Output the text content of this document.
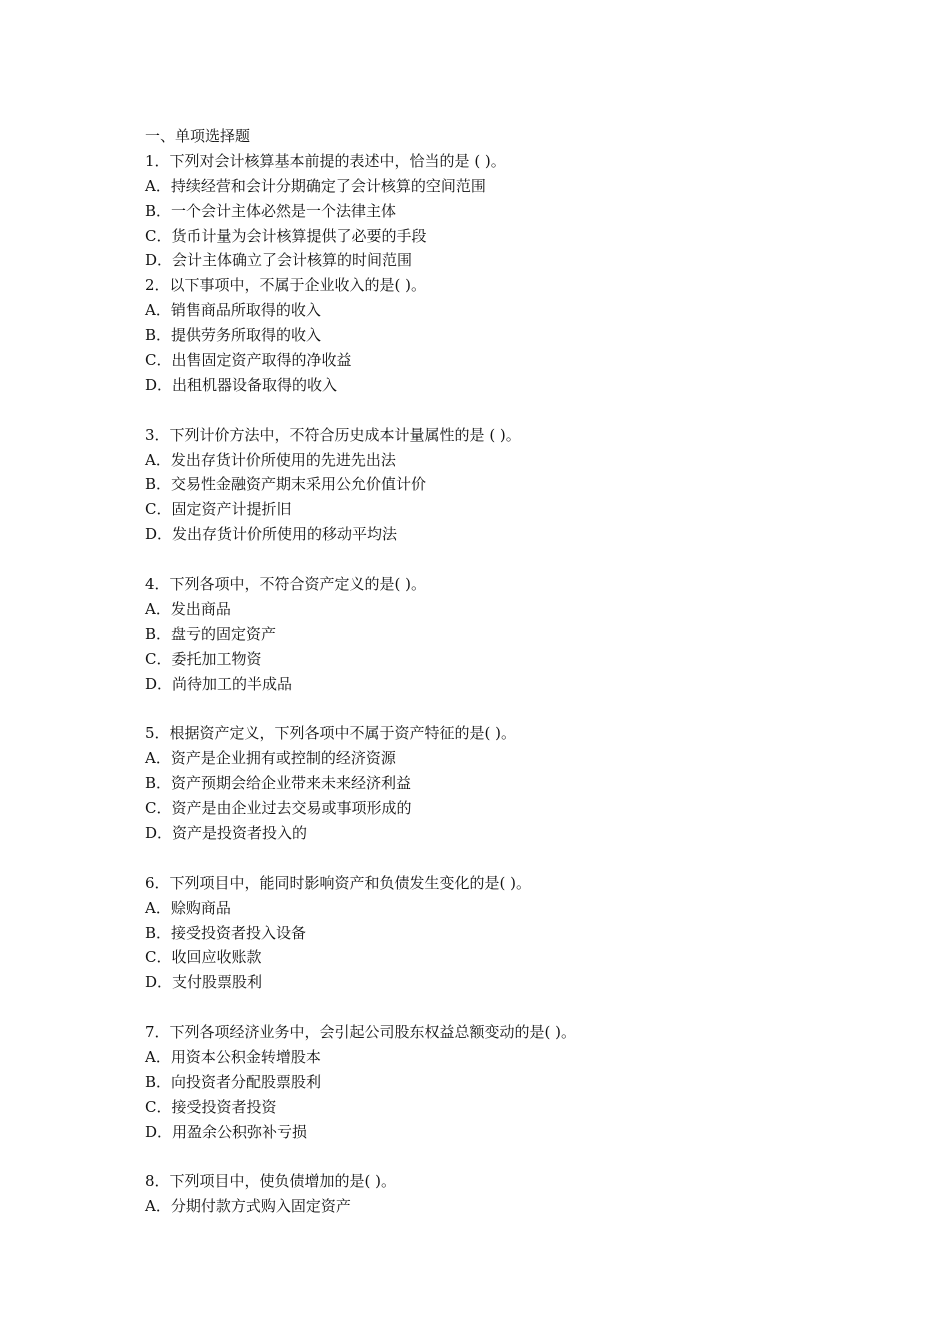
一、单项选择题
1．下列对会计核算基本前提的表述中，恰当的是 ( )。
A．持续经营和会计分期确定了会计核算的空间范围
B．一个会计主体必然是一个法律主体
C．货币计量为会计核算提供了必要的手段
D．会计主体确立了会计核算的时间范围
2．以下事项中，不属于企业收入的是( )。
A．销售商品所取得的收入
B．提供劳务所取得的收入
C．出售固定资产取得的净收益
D．出租机器设备取得的收入
3．下列计价方法中，不符合历史成本计量属性的是 ( )。
A．发出存货计价所使用的先进先出法
B．交易性金融资产期末采用公允价值计价
C．固定资产计提折旧
D．发出存货计价所使用的移动平均法
4．下列各项中，不符合资产定义的是( )。
A．发出商品
B．盘亏的固定资产
C．委托加工物资
D．尚待加工的半成品
5．根据资产定义，下列各项中不属于资产特征的是( )。
A．资产是企业拥有或控制的经济资源
B．资产预期会给企业带来未来经济利益
C．资产是由企业过去交易或事项形成的
D．资产是投资者投入的
6．下列项目中，能同时影响资产和负债发生变化的是( )。
A．赊购商品
B．接受投资者投入设备
C．收回应收账款
D．支付股票股利
7．下列各项经济业务中，会引起公司股东权益总额变动的是( )。
A．用资本公积金转增股本
B．向投资者分配股票股利
C．接受投资者投资
D．用盈余公积弥补亏损
8．下列项目中，使负债增加的是( )。
A．分期付款方式购入固定资产
